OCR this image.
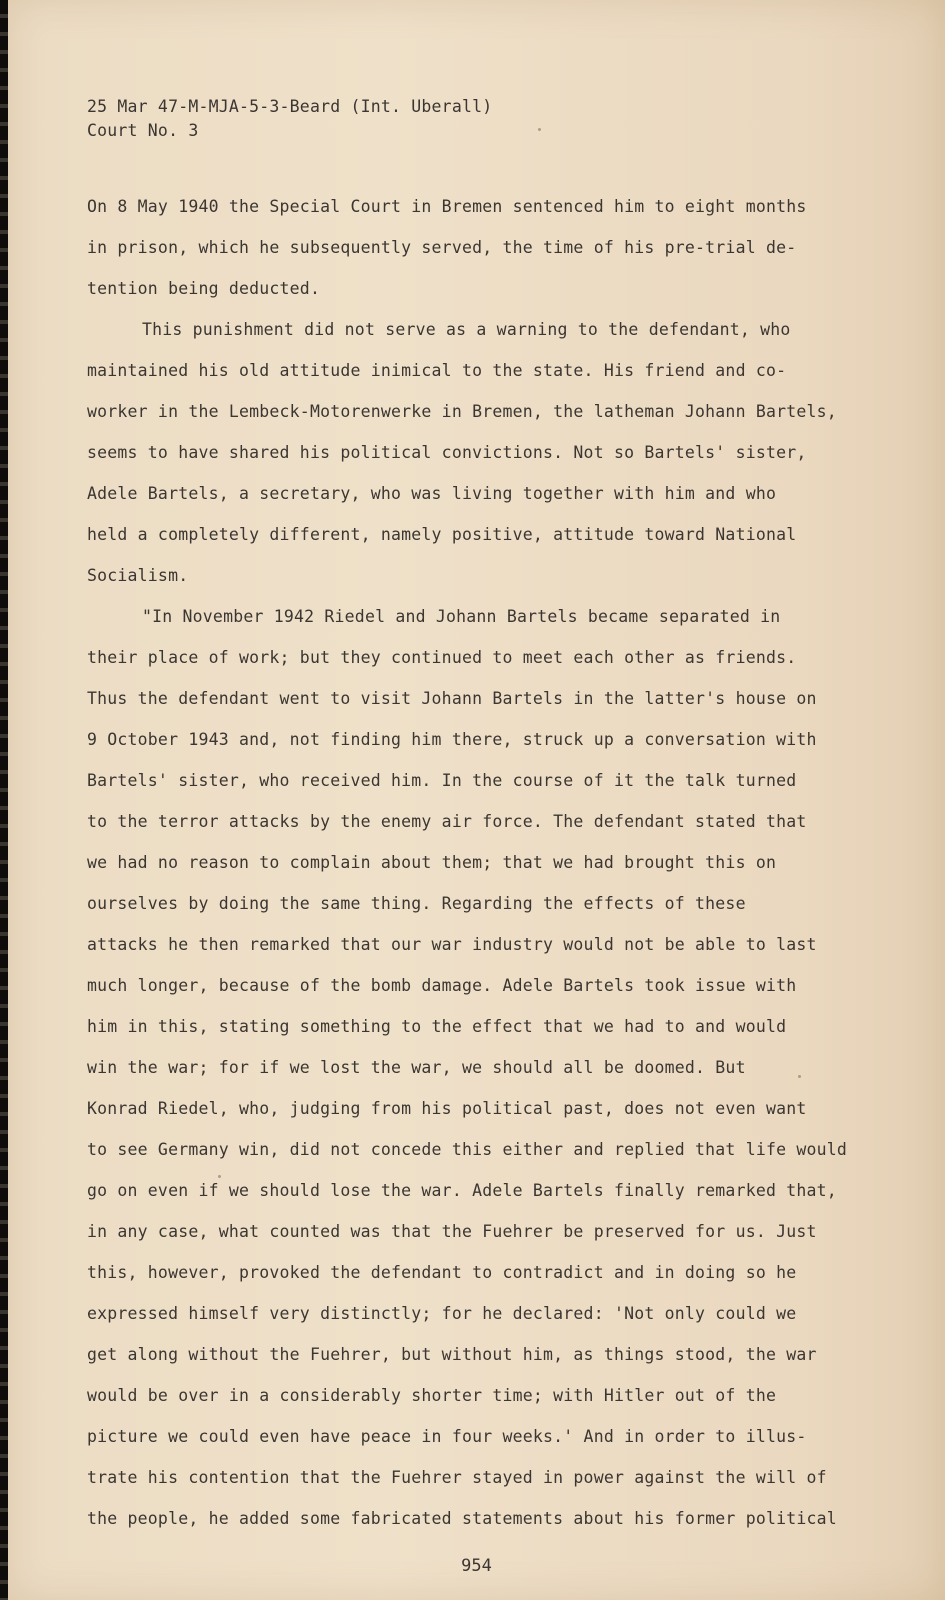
25 Mar 47-M-MJA-5-3-Beard (Int. Uberall)
Court No. 3
On 8 May 1940 the Special Court in Bremen sentenced him to eight months
in prison, which he subsequently served, the time of his pre-trial de-
tention being deducted.
This punishment did not serve as a warning to the defendant, who
maintained his old attitude inimical to the state. His friend and co-
worker in the Lembeck-Motorenwerke in Bremen, the latheman Johann Bartels,
seems to have shared his political convictions. Not so Bartels' sister,
Adele Bartels, a secretary, who was living together with him and who
held a completely different, namely positive, attitude toward National
Socialism.
"In November 1942 Riedel and Johann Bartels became separated in
their place of work; but they continued to meet each other as friends.
Thus the defendant went to visit Johann Bartels in the latter's house on
9 October 1943 and, not finding him there, struck up a conversation with
Bartels' sister, who received him. In the course of it the talk turned
to the terror attacks by the enemy air force. The defendant stated that
we had no reason to complain about them; that we had brought this on
ourselves by doing the same thing. Regarding the effects of these
attacks he then remarked that our war industry would not be able to last
much longer, because of the bomb damage. Adele Bartels took issue with
him in this, stating something to the effect that we had to and would
win the war; for if we lost the war, we should all be doomed. But
Konrad Riedel, who, judging from his political past, does not even want
to see Germany win, did not concede this either and replied that life would
go on even if we should lose the war. Adele Bartels finally remarked that,
in any case, what counted was that the Fuehrer be preserved for us. Just
this, however, provoked the defendant to contradict and in doing so he
expressed himself very distinctly; for he declared: 'Not only could we
get along without the Fuehrer, but without him, as things stood, the war
would be over in a considerably shorter time; with Hitler out of the
picture we could even have peace in four weeks.' And in order to illus-
trate his contention that the Fuehrer stayed in power against the will of
the people, he added some fabricated statements about his former political
954
